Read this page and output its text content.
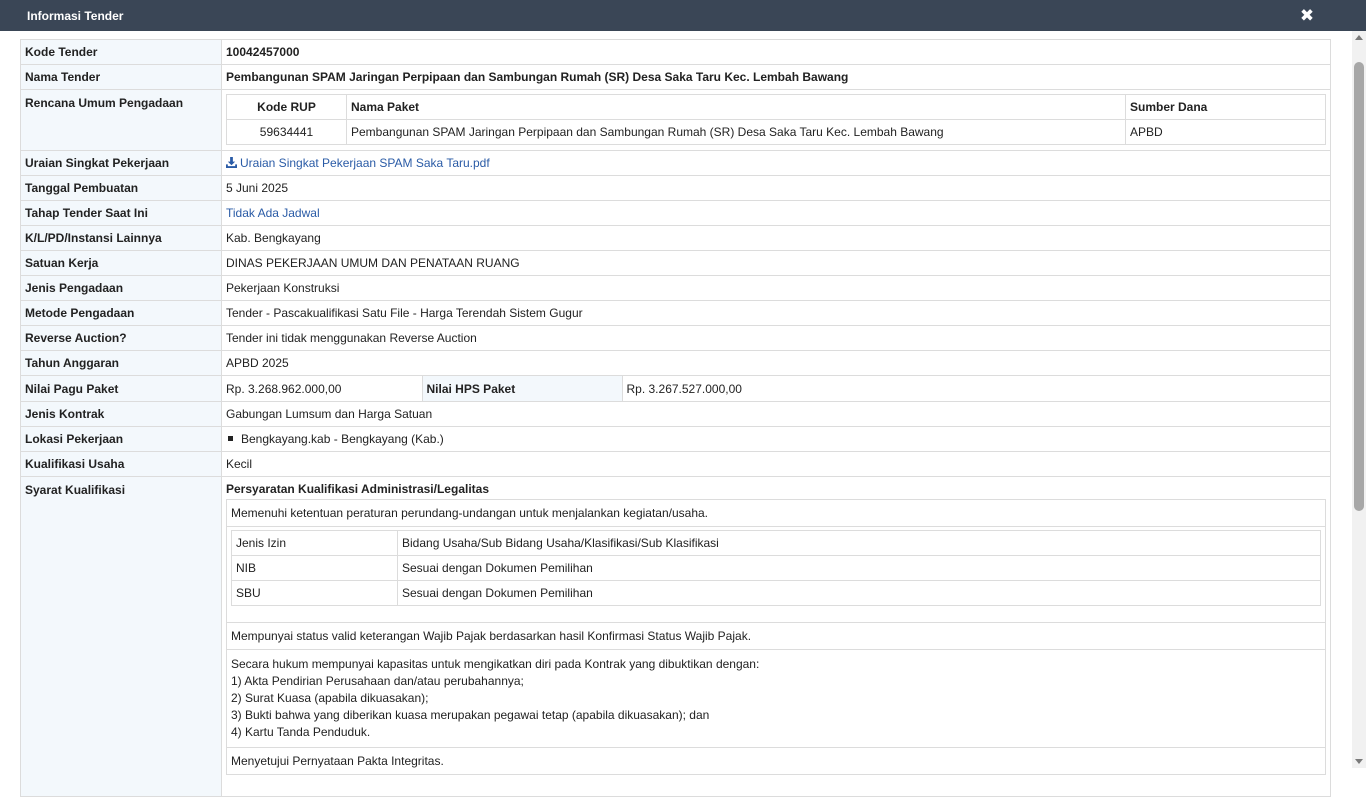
Informasi Tender	✖
Kode Tender	10042457000
Nama Tender	Pembangunan SPAM Jaringan Perpipaan dan Sambungan Rumah (SR) Desa Saka Taru Kec. Lembah Bawang
Rencana Umum Pengadaan		Kode RUP	Nama Paket	Sumber Dana
59634441	Pembangunan SPAM Jaringan Perpipaan dan Sambungan Rumah (SR) Desa Saka Taru Kec. Lembah Bawang	APBD

Uraian Singkat Pekerjaan	Uraian Singkat Pekerjaan SPAM Saka Taru.pdf
Tanggal Pembuatan	5 Juni 2025
Tahap Tender Saat Ini	Tidak Ada Jadwal
K/L/PD/Instansi Lainnya	Kab. Bengkayang
Satuan Kerja	DINAS PEKERJAAN UMUM DAN PENATAAN RUANG
Jenis Pengadaan	Pekerjaan Konstruksi
Metode Pengadaan	Tender - Pascakualifikasi Satu File - Harga Terendah Sistem Gugur
Reverse Auction?	Tender ini tidak menggunakan Reverse Auction
Tahun Anggaran	APBD 2025
Nilai Pagu Paket		Rp. 3.268.962.000,00	Nilai HPS Paket	Rp. 3.267.527.000,00

Jenis Kontrak	Gabungan Lumsum dan Harga Satuan
Lokasi Pekerjaan	Bengkayang.kab - Bengkayang (Kab.)
Kualifikasi Usaha	Kecil
Syarat Kualifikasi	Persyaratan Kualifikasi Administrasi/Legalitas
Memenuhi ketentuan peraturan perundang-undangan untuk menjalankan kegiatan/usaha.
Jenis Izin	Bidang Usaha/Sub Bidang Usaha/Klasifikasi/Sub Klasifikasi
NIB	Sesuai dengan Dokumen Pemilihan
SBU	Sesuai dengan Dokumen Pemilihan
Mempunyai status valid keterangan Wajib Pajak berdasarkan hasil Konfirmasi Status Wajib Pajak.
Secara hukum mempunyai kapasitas untuk mengikatkan diri pada Kontrak yang dibuktikan dengan:
1) Akta Pendirian Perusahaan dan/atau perubahannya;
2) Surat Kuasa (apabila dikuasakan);
3) Bukti bahwa yang diberikan kuasa merupakan pegawai tetap (apabila dikuasakan); dan
4) Kartu Tanda Penduduk.
Menyetujui Pernyataan Pakta Integritas.
